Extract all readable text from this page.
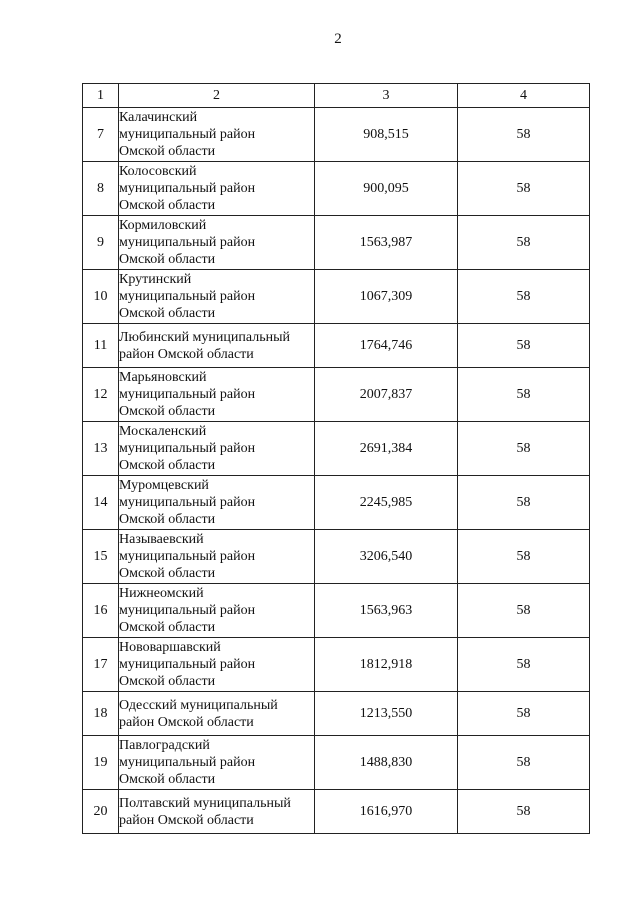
2
1	2	3	4
7	Калачинский
муниципальный район
Омской области	908,515	58
8	Колосовский
муниципальный район
Омской области	900,095	58
9	Кормиловский
муниципальный район
Омской области	1563,987	58
10	Крутинский
муниципальный район
Омской области	1067,309	58
11	Любинский муниципальный
район Омской области	1764,746	58
12	Марьяновский
муниципальный район
Омской области	2007,837	58
13	Москаленский
муниципальный район
Омской области	2691,384	58
14	Муромцевский
муниципальный район
Омской области	2245,985	58
15	Называевский
муниципальный район
Омской области	3206,540	58
16	Нижнеомский
муниципальный район
Омской области	1563,963	58
17	Нововаршавский
муниципальный район
Омской области	1812,918	58
18	Одесский муниципальный
район Омской области	1213,550	58
19	Павлоградский
муниципальный район
Омской области	1488,830	58
20	Полтавский муниципальный
район Омской области	1616,970	58
